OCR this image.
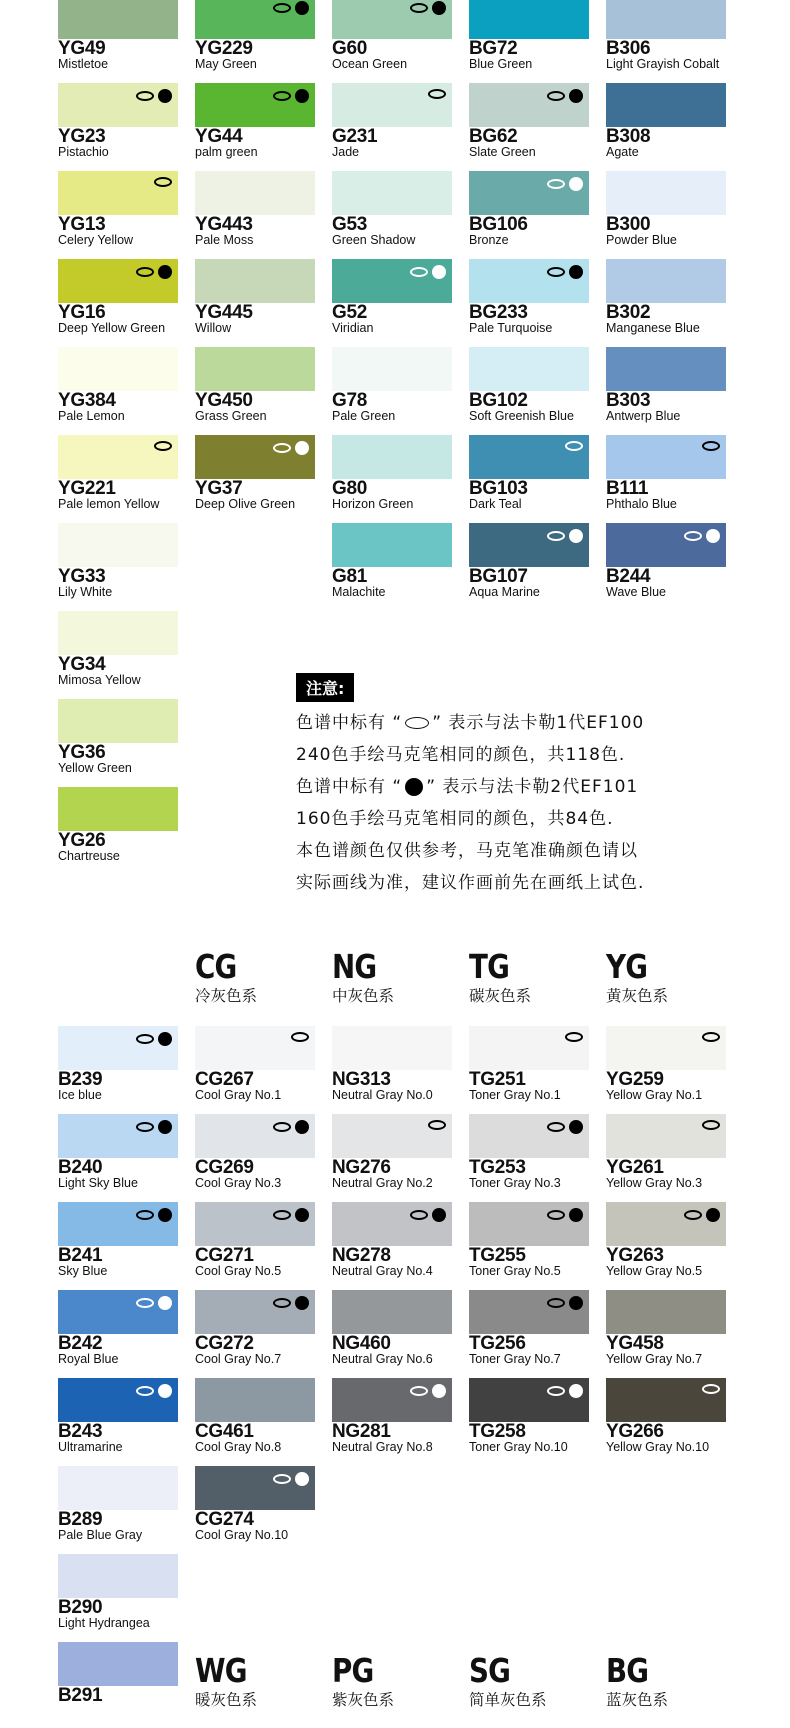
YG49
Mistletoe
YG23
Pistachio
YG13
Celery Yellow
YG16
Deep Yellow Green
YG384
Pale Lemon
YG221
Pale lemon Yellow
YG33
Lily White
YG34
Mimosa Yellow
YG36
Yellow Green
YG26
Chartreuse
YG229
May Green
YG44
palm green
YG443
Pale Moss
YG445
Willow
YG450
Grass Green
YG37
Deep Olive Green
G60
Ocean Green
G231
Jade
G53
Green Shadow
G52
Viridian
G78
Pale Green
G80
Horizon Green
G81
Malachite
BG72
Blue Green
BG62
Slate Green
BG106
Bronze
BG233
Pale Turquoise
BG102
Soft Greenish Blue
BG103
Dark Teal
BG107
Aqua Marine
B306
Light Grayish Cobalt
B308
Agate
B300
Powder Blue
B302
Manganese Blue
B303
Antwerp Blue
B111
Phthalo Blue
B244
Wave Blue
CG
冷灰色系
NG
中灰色系
TG
碳灰色系
YG
黄灰色系
B239
Ice blue
B240
Light Sky Blue
B241
Sky Blue
B242
Royal Blue
B243
Ultramarine
B289
Pale Blue Gray
B290
Light Hydrangea
B291
CG267
Cool Gray No.1
CG269
Cool Gray No.3
CG271
Cool Gray No.5
CG272
Cool Gray No.7
CG461
Cool Gray No.8
CG274
Cool Gray No.10
NG313
Neutral Gray No.0
NG276
Neutral Gray No.2
NG278
Neutral Gray No.4
NG460
Neutral Gray No.6
NG281
Neutral Gray No.8
TG251
Toner Gray No.1
TG253
Toner Gray No.3
TG255
Toner Gray No.5
TG256
Toner Gray No.7
TG258
Toner Gray No.10
YG259
Yellow Gray No.1
YG261
Yellow Gray No.3
YG263
Yellow Gray No.5
YG458
Yellow Gray No.7
YG266
Yellow Gray No.10
WG
暖灰色系
PG
紫灰色系
SG
简单灰色系
BG
蓝灰色系
注意:
色谱中标有 “ ” 表示与法卡勒1代EF100
240色手绘马克笔相同的颜色，共118色.
色谱中标有 “ ” 表示与法卡勒2代EF101
160色手绘马克笔相同的颜色，共84色.
本色谱颜色仅供参考，马克笔准确颜色请以
实际画线为准，建议作画前先在画纸上试色.
